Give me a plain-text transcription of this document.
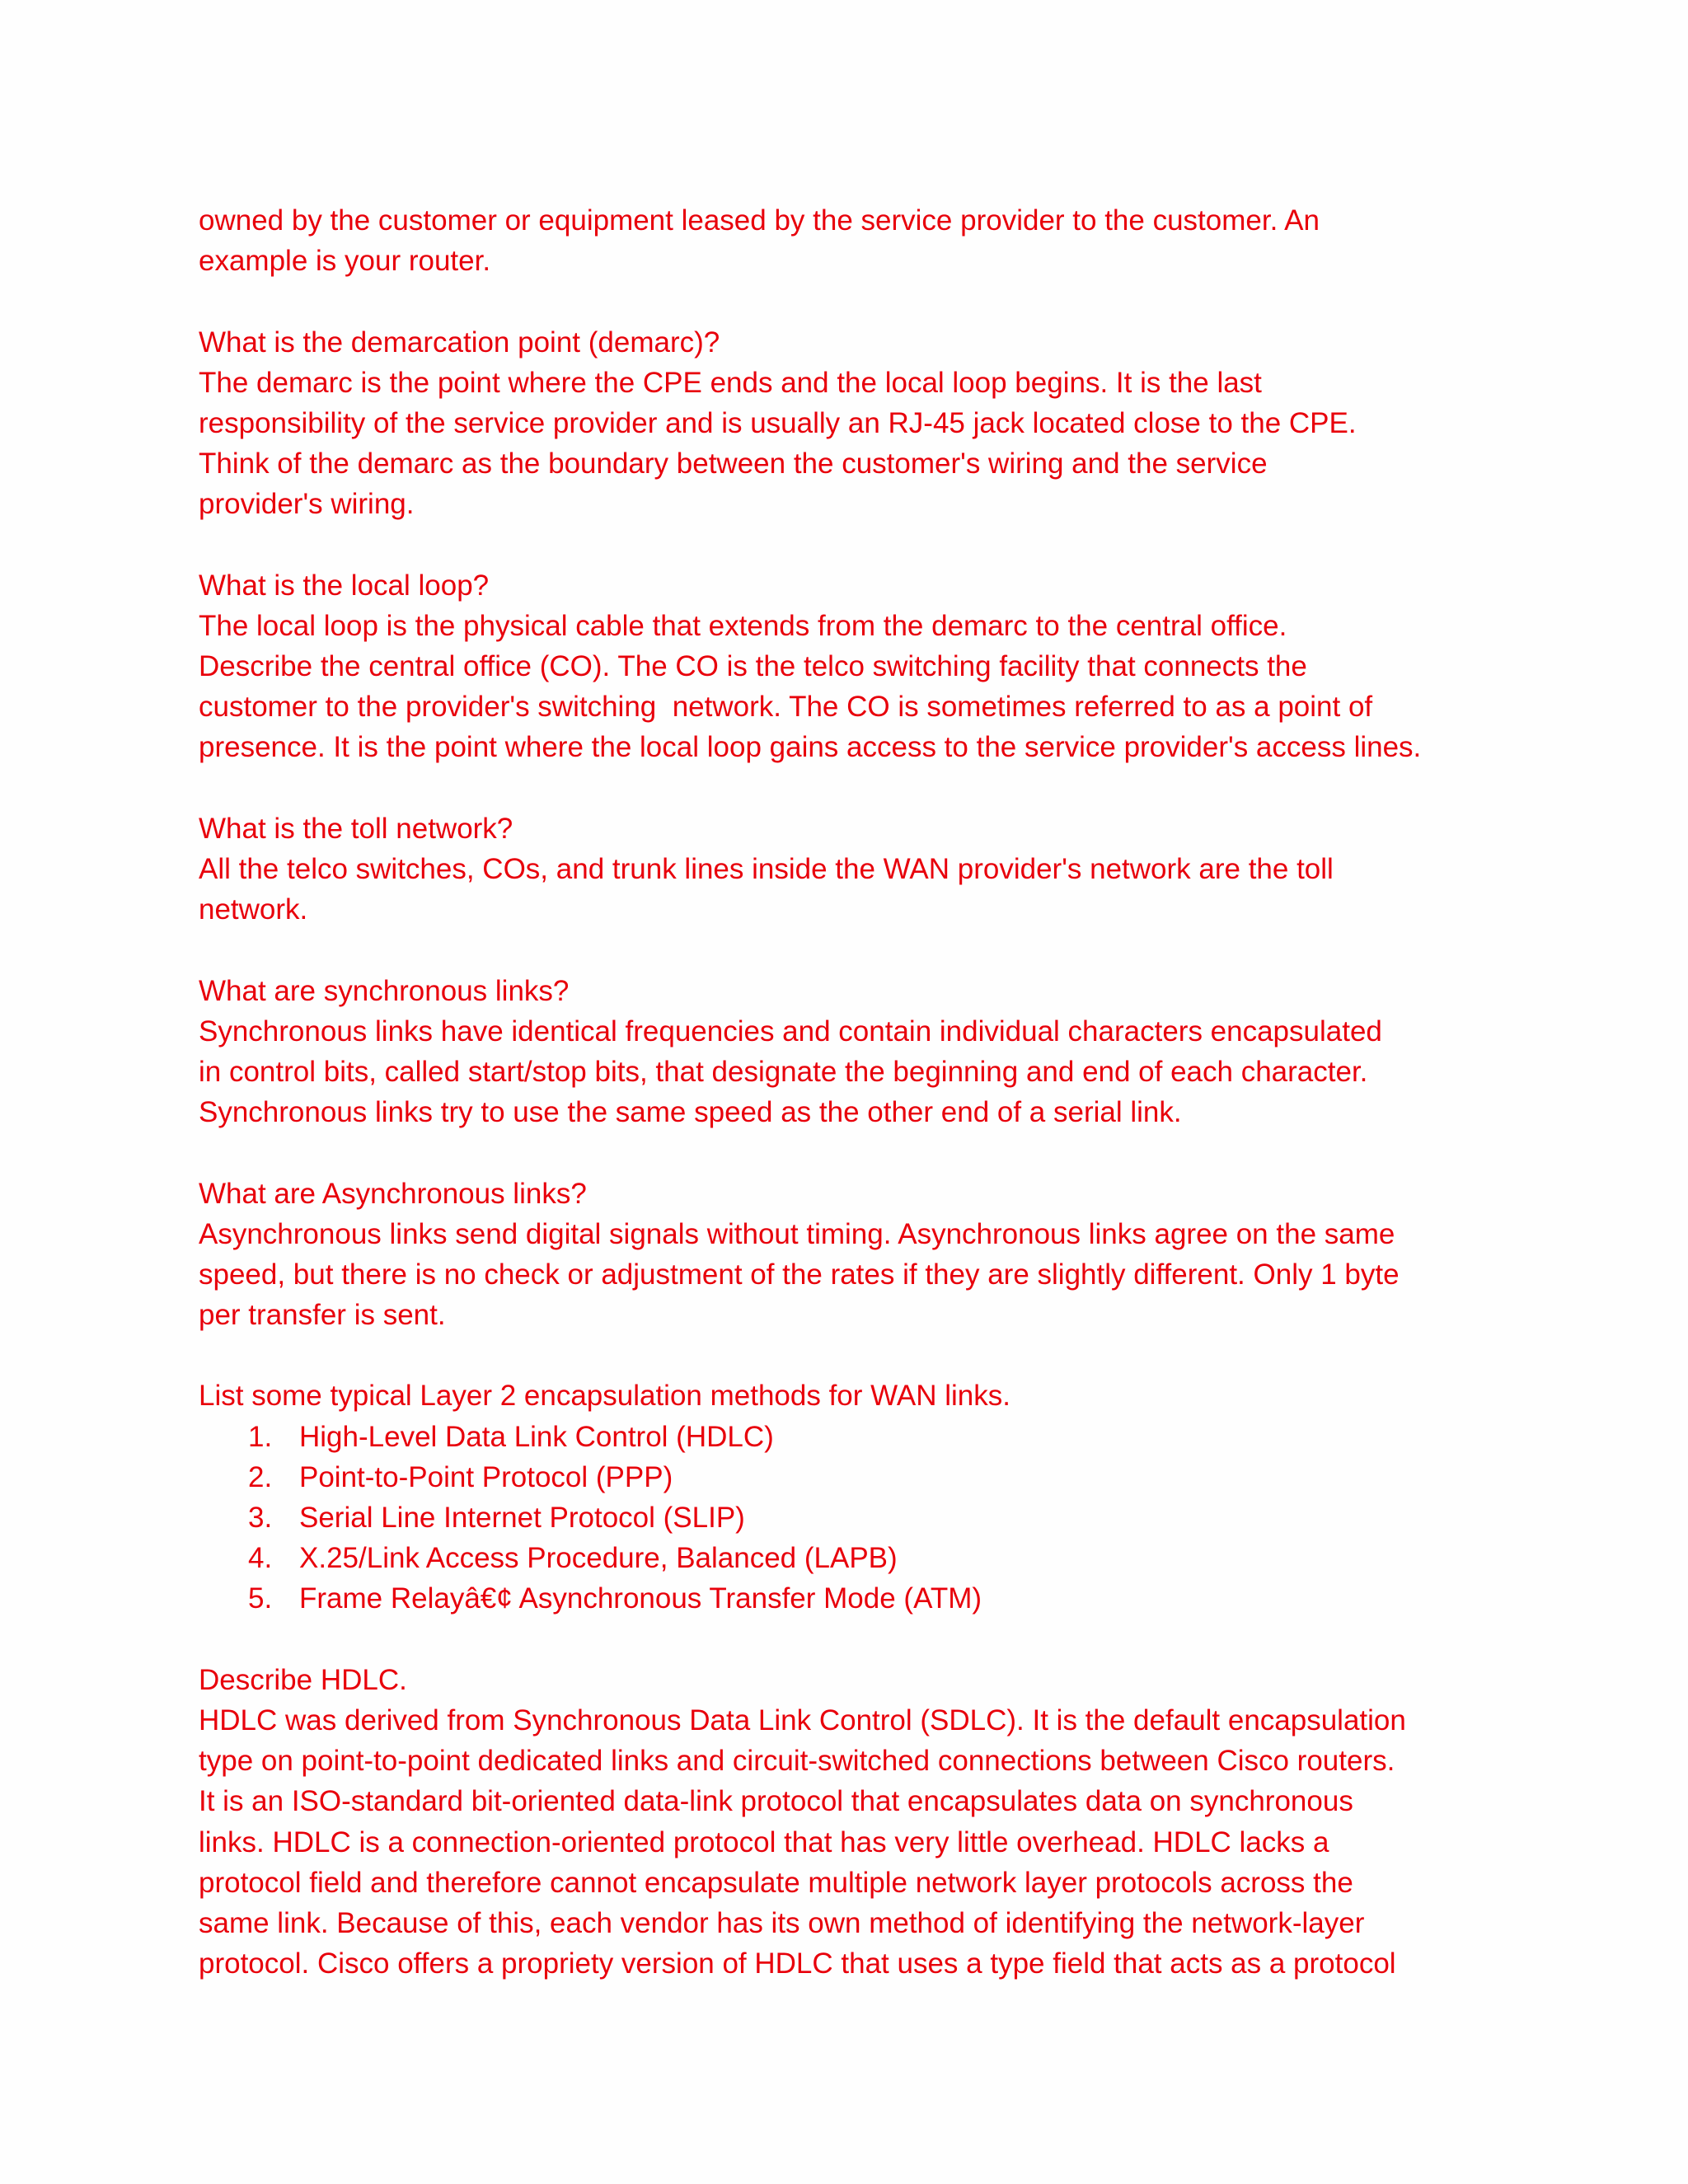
owned by the customer or equipment leased by the service provider to the customer. An
example is your router.
What is the demarcation point (demarc)?
The demarc is the point where the CPE ends and the local loop begins. It is the last
responsibility of the service provider and is usually an RJ-45 jack located close to the CPE.
Think of the demarc as the boundary between the customer's wiring and the service
provider's wiring.
What is the local loop?
The local loop is the physical cable that extends from the demarc to the central office.
Describe the central office (CO). The CO is the telco switching facility that connects the
customer to the provider's switching  network. The CO is sometimes referred to as a point of
presence. It is the point where the local loop gains access to the service provider's access lines.
What is the toll network?
All the telco switches, COs, and trunk lines inside the WAN provider's network are the toll
network.
What are synchronous links?
Synchronous links have identical frequencies and contain individual characters encapsulated
in control bits, called start/stop bits, that designate the beginning and end of each character.
Synchronous links try to use the same speed as the other end of a serial link.
What are Asynchronous links?
Asynchronous links send digital signals without timing. Asynchronous links agree on the same
speed, but there is no check or adjustment of the rates if they are slightly different. Only 1 byte
per transfer is sent.
List some typical Layer 2 encapsulation methods for WAN links.
1. High-Level Data Link Control (HDLC)
2. Point-to-Point Protocol (PPP)
3. Serial Line Internet Protocol (SLIP)
4. X.25/Link Access Procedure, Balanced (LAPB)
5. Frame Relayâ€¢ Asynchronous Transfer Mode (ATM)
Describe HDLC.
HDLC was derived from Synchronous Data Link Control (SDLC). It is the default encapsulation
type on point-to-point dedicated links and circuit-switched connections between Cisco routers.
It is an ISO-standard bit-oriented data-link protocol that encapsulates data on synchronous
links. HDLC is a connection-oriented protocol that has very little overhead. HDLC lacks a
protocol field and therefore cannot encapsulate multiple network layer protocols across the
same link. Because of this, each vendor has its own method of identifying the network-layer
protocol. Cisco offers a propriety version of HDLC that uses a type field that acts as a protocol
